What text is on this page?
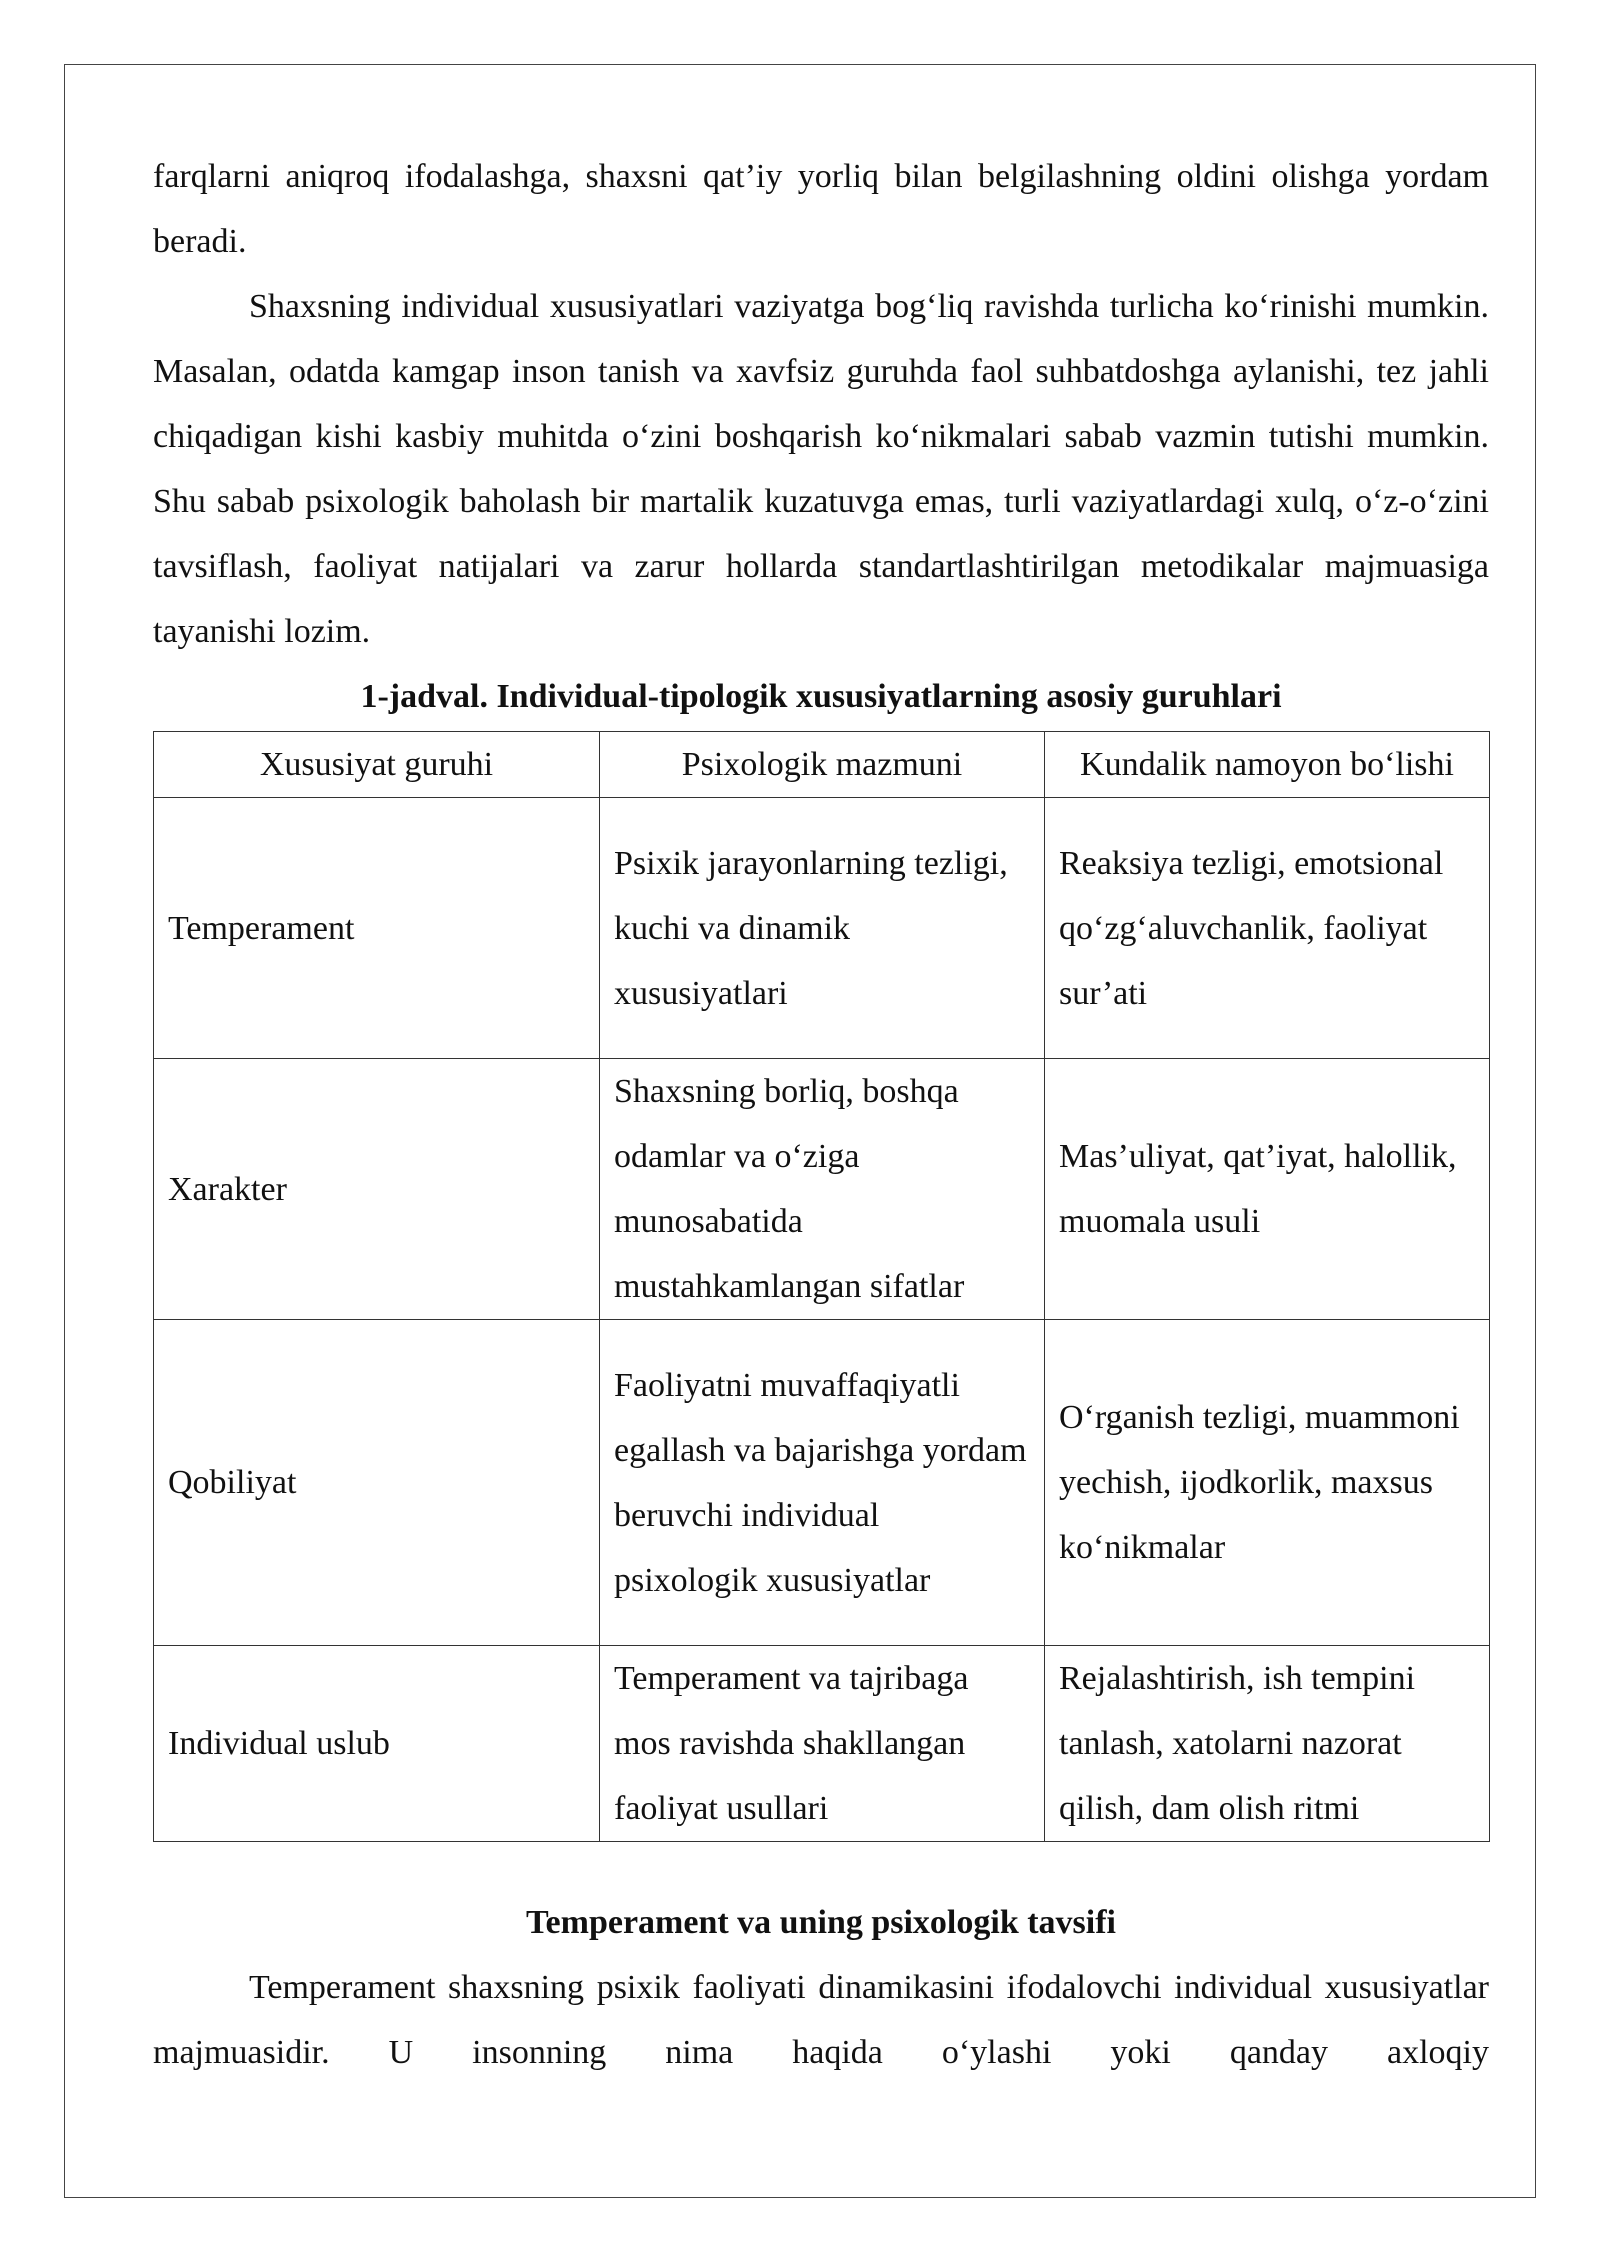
farqlarni aniqroq ifodalashga, shaxsni qat’iy yorliq bilan belgilashning oldini olishga yordam beradi.

Shaxsning individual xususiyatlari vaziyatga bog‘liq ravishda turlicha ko‘rinishi mumkin. Masalan, odatda kamgap inson tanish va xavfsiz guruhda faol suhbatdoshga aylanishi, tez jahli chiqadigan kishi kasbiy muhitda o‘zini boshqarish ko‘nikmalari sabab vazmin tutishi mumkin. Shu sabab psixologik baholash bir martalik kuzatuvga emas, turli vaziyatlardagi xulq, o‘z-o‘zini tavsiflash, faoliyat natijalari va zarur hollarda standartlashtirilgan metodikalar majmuasiga tayanishi lozim.

1-jadval. Individual-tipologik xususiyatlarning asosiy guruhlari

Xususiyat guruhi	Psixologik mazmuni	Kundalik namoyon bo‘lishi
Temperament	Psixik jarayonlarning tezligi, kuchi va dinamik xususiyatlari	Reaksiya tezligi, emotsional qo‘zg‘aluvchanlik, faoliyat sur’ati
Xarakter	Shaxsning borliq, boshqa odamlar va o‘ziga munosabatida mustahkamlangan sifatlar	Mas’uliyat, qat’iyat, halollik, muomala usuli
Qobiliyat	Faoliyatni muvaffaqiyatli egallash va bajarishga yordam beruvchi individual psixologik xususiyatlar	O‘rganish tezligi, muammoni yechish, ijodkorlik, maxsus ko‘nikmalar
Individual uslub	Temperament va tajribaga mos ravishda shakllangan faoliyat usullari	Rejalashtirish, ish tempini tanlash, xatolarni nazorat qilish, dam olish ritmi

Temperament va uning psixologik tavsifi

Temperament shaxsning psixik faoliyati dinamikasini ifodalovchi individual xususiyatlar majmuasidir. U insonning nima haqida o‘ylashi yoki qanday axloqiy
